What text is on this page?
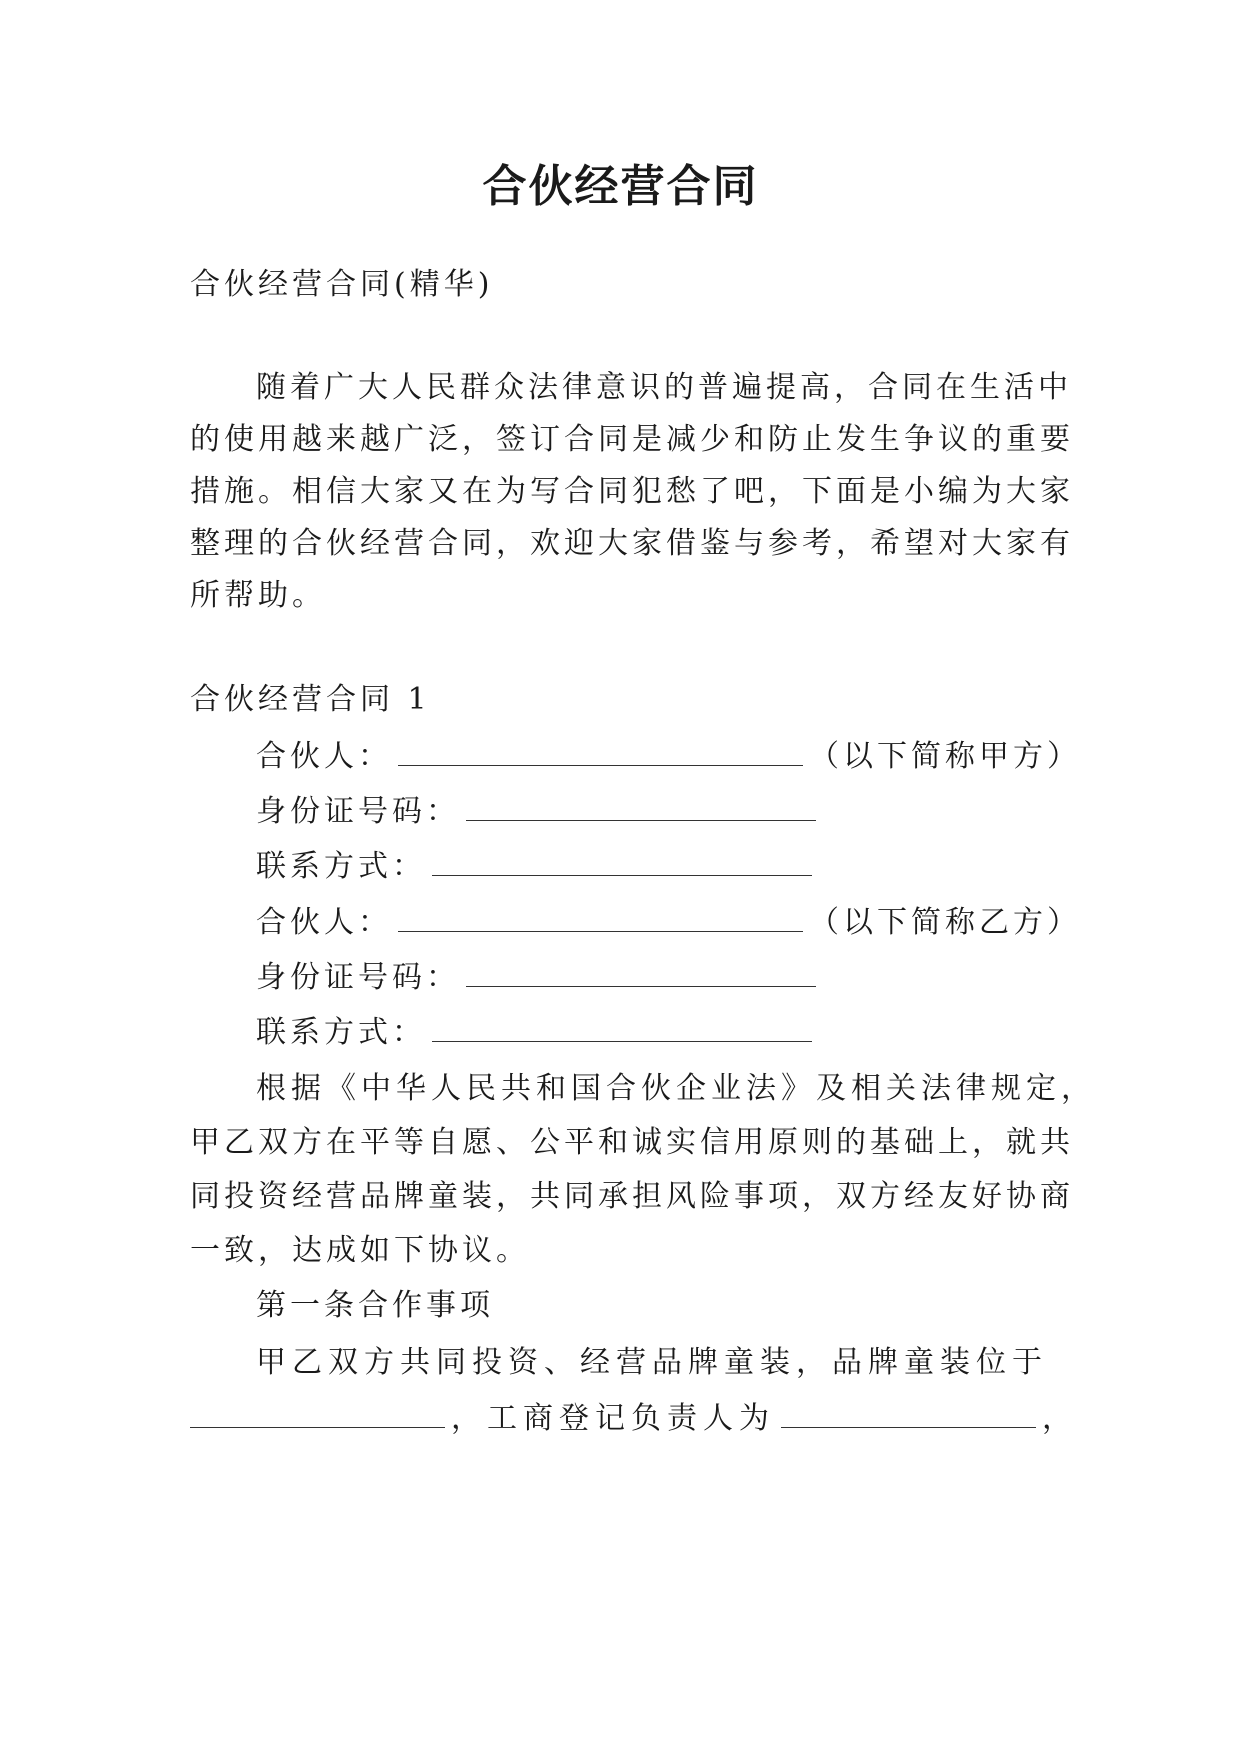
合伙经营合同
合伙经营合同(精华)
随着广大人民群众法律意识的普遍提高，合同在生活中
的使用越来越广泛，签订合同是减少和防止发生争议的重要
措施。相信大家又在为写合同犯愁了吧，下面是小编为大家
整理的合伙经营合同，欢迎大家借鉴与参考，希望对大家有
所帮助。
合伙经营合同 1
合伙人：	（以下简称甲方）
身份证号码：
联系方式：
合伙人：	（以下简称乙方）
身份证号码：
联系方式：
根据《中华人民共和国合伙企业法》及相关法律规定，
甲乙双方在平等自愿、公平和诚实信用原则的基础上，就共
同投资经营品牌童装，共同承担风险事项，双方经友好协商
一致，达成如下协议。
第一条合作事项
甲乙双方共同投资、经营品牌童装，品牌童装位于
，工商登记负责人为	，
